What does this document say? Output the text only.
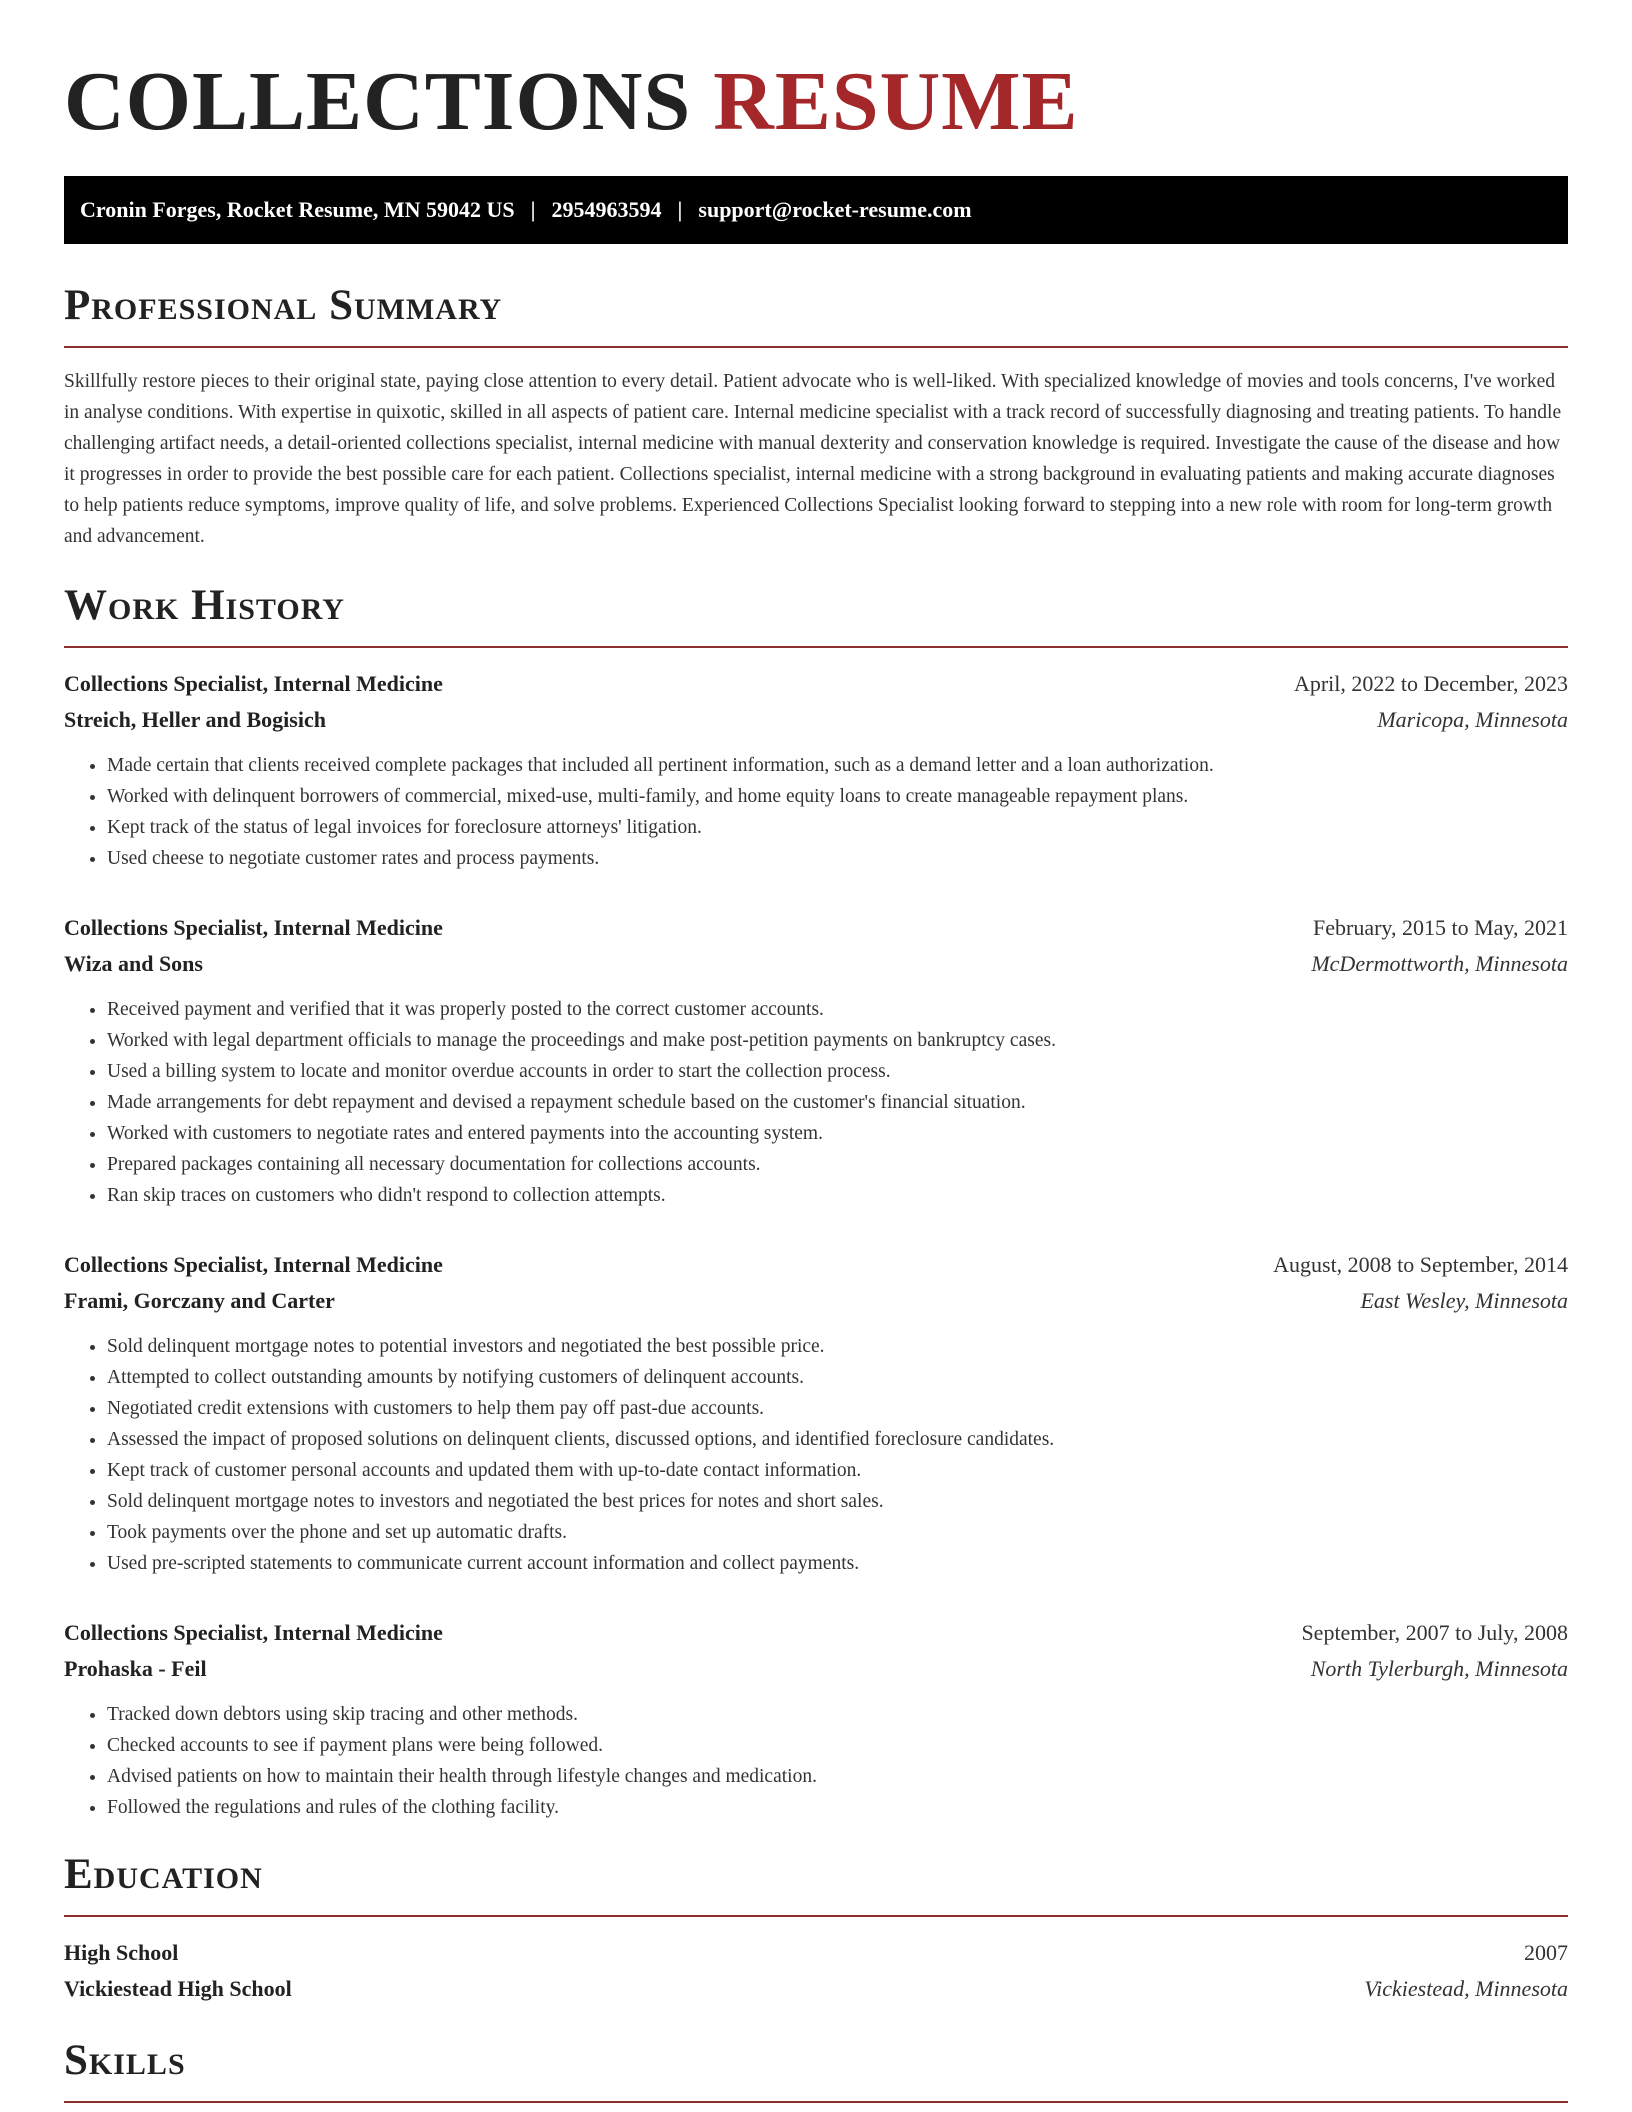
COLLECTIONS RESUME
Cronin Forges, Rocket Resume, MN 59042 US | 2954963594 | support@rocket-resume.com
Professional Summary

Skillfully restore pieces to their original state, paying close attention to every detail. Patient advocate who is well-liked. With specialized knowledge of movies and tools concerns, I've worked in analyse conditions. With expertise in quixotic, skilled in all aspects of patient care. Internal medicine specialist with a track record of successfully diagnosing and treating patients. To handle challenging artifact needs, a detail-oriented collections specialist, internal medicine with manual dexterity and conservation knowledge is required. Investigate the cause of the disease and how it progresses in order to provide the best possible care for each patient. Collections specialist, internal medicine with a strong background in evaluating patients and making accurate diagnoses to help patients reduce symptoms, improve quality of life, and solve problems. Experienced Collections Specialist looking forward to stepping into a new role with room for long-term growth and advancement.

Work History
Collections Specialist, Internal Medicine	April, 2022 to December, 2023
Streich, Heller and Bogisich	Maricopa, Minnesota
• Made certain that clients received complete packages that included all pertinent information, such as a demand letter and a loan authorization.
• Worked with delinquent borrowers of commercial, mixed-use, multi-family, and home equity loans to create manageable repayment plans.
• Kept track of the status of legal invoices for foreclosure attorneys' litigation.
• Used cheese to negotiate customer rates and process payments.
Collections Specialist, Internal Medicine	February, 2015 to May, 2021
Wiza and Sons	McDermottworth, Minnesota
• Received payment and verified that it was properly posted to the correct customer accounts.
• Worked with legal department officials to manage the proceedings and make post-petition payments on bankruptcy cases.
• Used a billing system to locate and monitor overdue accounts in order to start the collection process.
• Made arrangements for debt repayment and devised a repayment schedule based on the customer's financial situation.
• Worked with customers to negotiate rates and entered payments into the accounting system.
• Prepared packages containing all necessary documentation for collections accounts.
• Ran skip traces on customers who didn't respond to collection attempts.
Collections Specialist, Internal Medicine	August, 2008 to September, 2014
Frami, Gorczany and Carter	East Wesley, Minnesota
• Sold delinquent mortgage notes to potential investors and negotiated the best possible price.
• Attempted to collect outstanding amounts by notifying customers of delinquent accounts.
• Negotiated credit extensions with customers to help them pay off past-due accounts.
• Assessed the impact of proposed solutions on delinquent clients, discussed options, and identified foreclosure candidates.
• Kept track of customer personal accounts and updated them with up-to-date contact information.
• Sold delinquent mortgage notes to investors and negotiated the best prices for notes and short sales.
• Took payments over the phone and set up automatic drafts.
• Used pre-scripted statements to communicate current account information and collect payments.
Collections Specialist, Internal Medicine	September, 2007 to July, 2008
Prohaska - Feil	North Tylerburgh, Minnesota
• Tracked down debtors using skip tracing and other methods.
• Checked accounts to see if payment plans were being followed.
• Advised patients on how to maintain their health through lifestyle changes and medication.
• Followed the regulations and rules of the clothing facility.
Education
High School	2007
Vickiestead High School	Vickiestead, Minnesota
Skills
